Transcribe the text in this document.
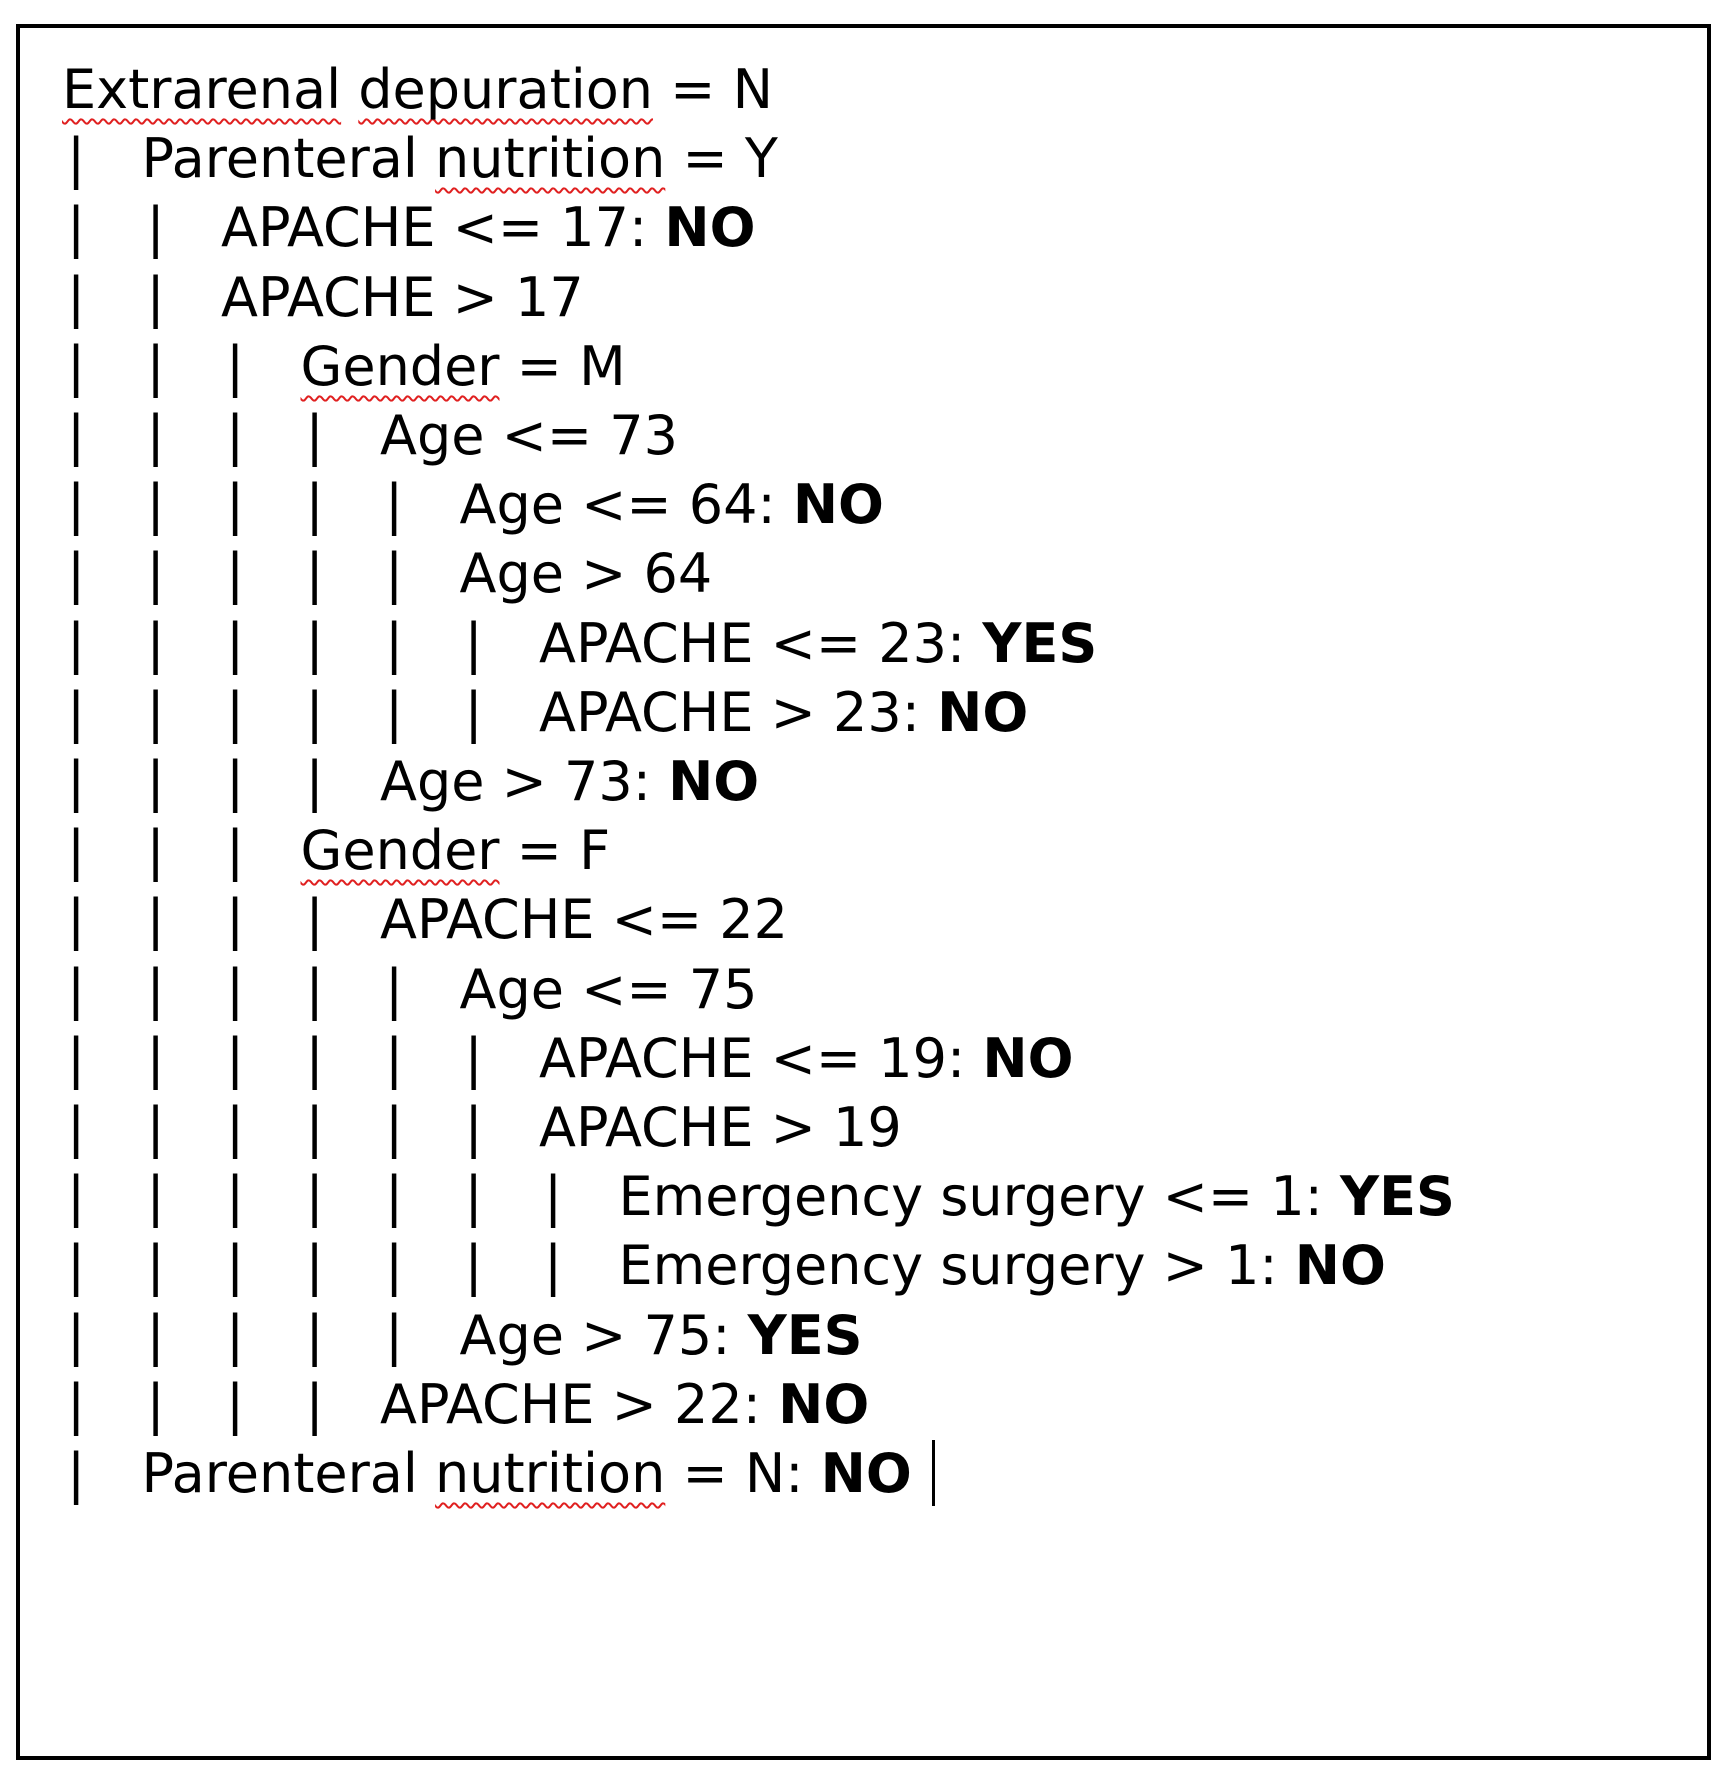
Extrarenal depuration = N
| Parenteral nutrition = Y
| | APACHE <= 17: NO
| | APACHE > 17
| | | Gender = M
| | | | Age <= 73
| | | | | Age <= 64: NO
| | | | | Age > 64
| | | | | | APACHE <= 23: YES
| | | | | | APACHE > 23: NO
| | | | Age > 73: NO
| | | Gender = F
| | | | APACHE <= 22
| | | | | Age <= 75
| | | | | | APACHE <= 19: NO
| | | | | | APACHE > 19
| | | | | | | Emergency surgery <= 1: YES
| | | | | | | Emergency surgery > 1: NO
| | | | | Age > 75: YES
| | | | APACHE > 22: NO
| Parenteral nutrition = N: NO
